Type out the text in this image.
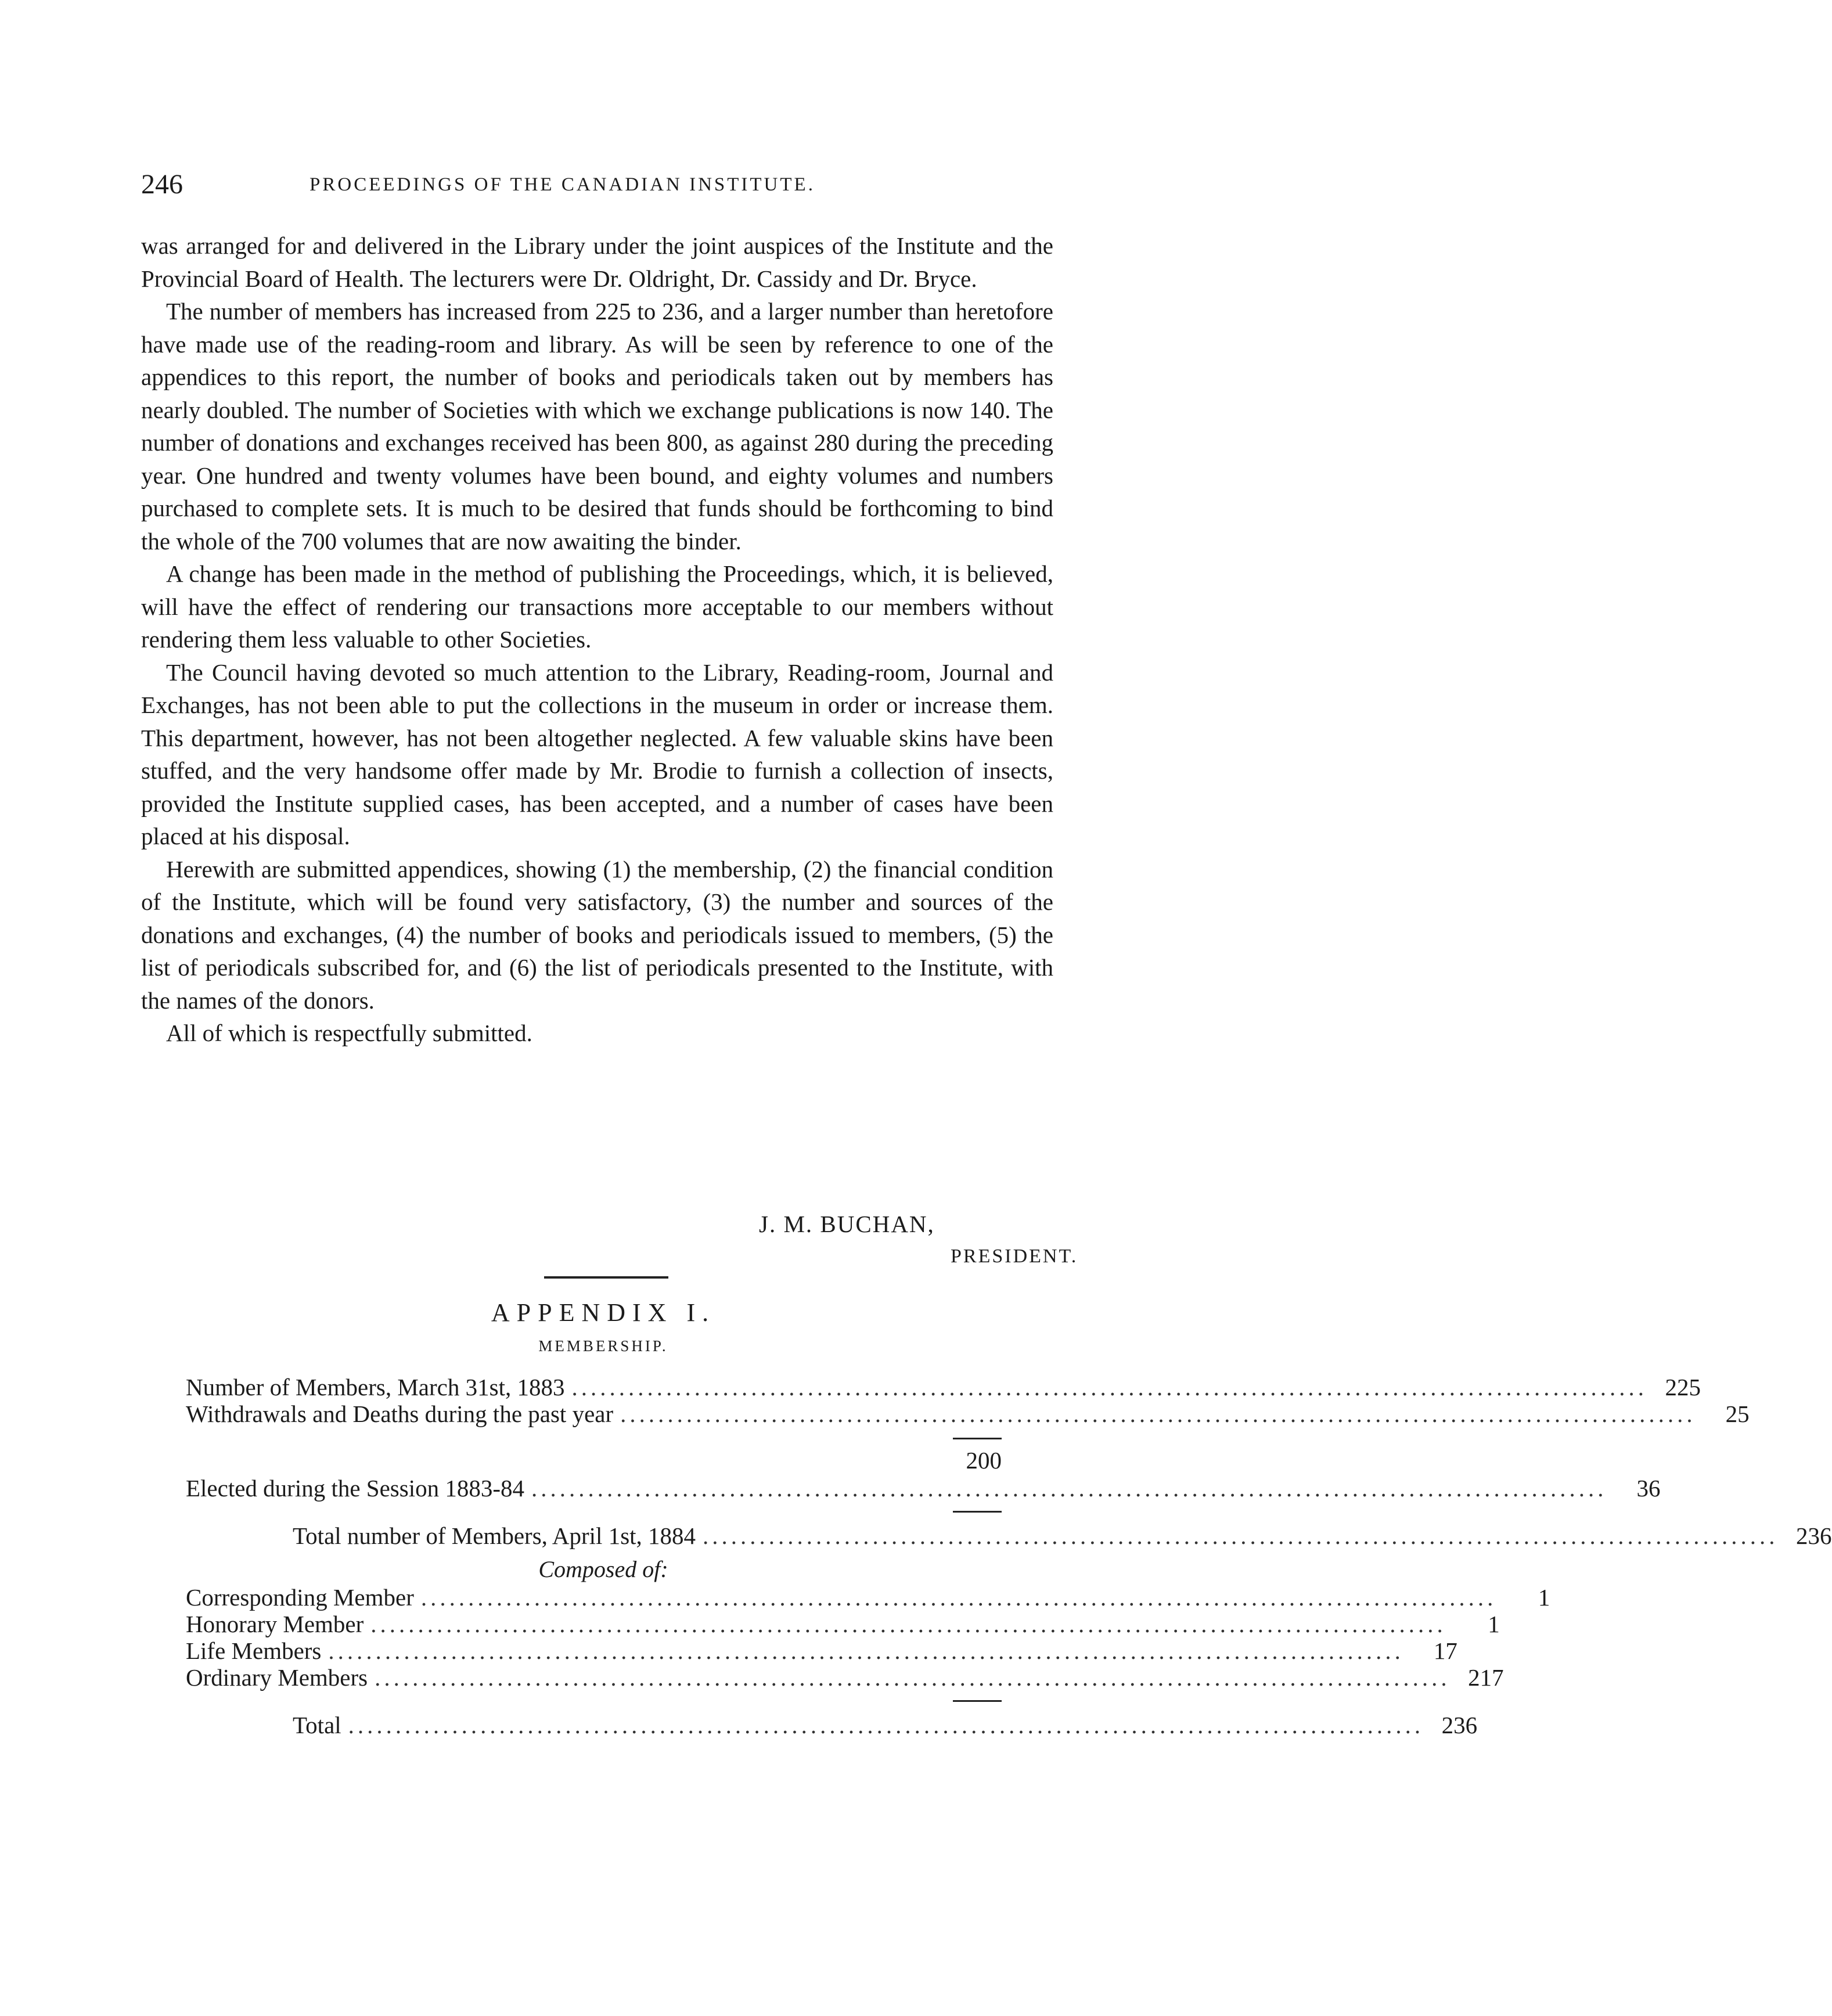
246	PROCEEDINGS OF THE CANADIAN INSTITUTE.

was arranged for and delivered in the Library under the joint auspices of the Institute and the Provincial Board of Health. The lecturers were Dr. Oldright, Dr. Cassidy and Dr. Bryce.

The number of members has increased from 225 to 236, and a larger number than heretofore have made use of the reading-room and library. As will be seen by reference to one of the appendices to this report, the number of books and periodicals taken out by members has nearly doubled. The number of Societies with which we exchange publications is now 140. The number of donations and exchanges received has been 800, as against 280 during the preceding year. One hundred and twenty volumes have been bound, and eighty volumes and numbers purchased to complete sets. It is much to be desired that funds should be forthcoming to bind the whole of the 700 volumes that are now awaiting the binder.

A change has been made in the method of publishing the Proceedings, which, it is believed, will have the effect of rendering our transactions more acceptable to our members without rendering them less valuable to other Societies.

The Council having devoted so much attention to the Library, Reading-room, Journal and Exchanges, has not been able to put the collections in the museum in order or increase them. This department, however, has not been altogether neglected. A few valuable skins have been stuffed, and the very handsome offer made by Mr. Brodie to furnish a collection of insects, provided the Institute supplied cases, has been accepted, and a number of cases have been placed at his disposal.

Herewith are submitted appendices, showing (1) the membership, (2) the financial condition of the Institute, which will be found very satisfactory, (3) the number and sources of the donations and exchanges, (4) the number of books and periodicals issued to members, (5) the list of periodicals subscribed for, and (6) the list of periodicals presented to the Institute, with the names of the donors.

All of which is respectfully submitted.

J. M. BUCHAN,
PRESIDENT.
APPENDIX I.
MEMBERSHIP.
Number of Members, March 31st, 1883 .................................................................................................................. 225
Withdrawals and Deaths during the past year ..................................................................................................................	25
200
Elected during the Session 1883-84 ..................................................................................................................	36
Total number of Members, April 1st, 1884 .................................................................................................................. 236
Composed of:
Corresponding Member ..................................................................................................................	1
Honorary Member ..................................................................................................................	1
Life Members ..................................................................................................................	17
Ordinary Members .................................................................................................................. 217
Total .................................................................................................................. 236
